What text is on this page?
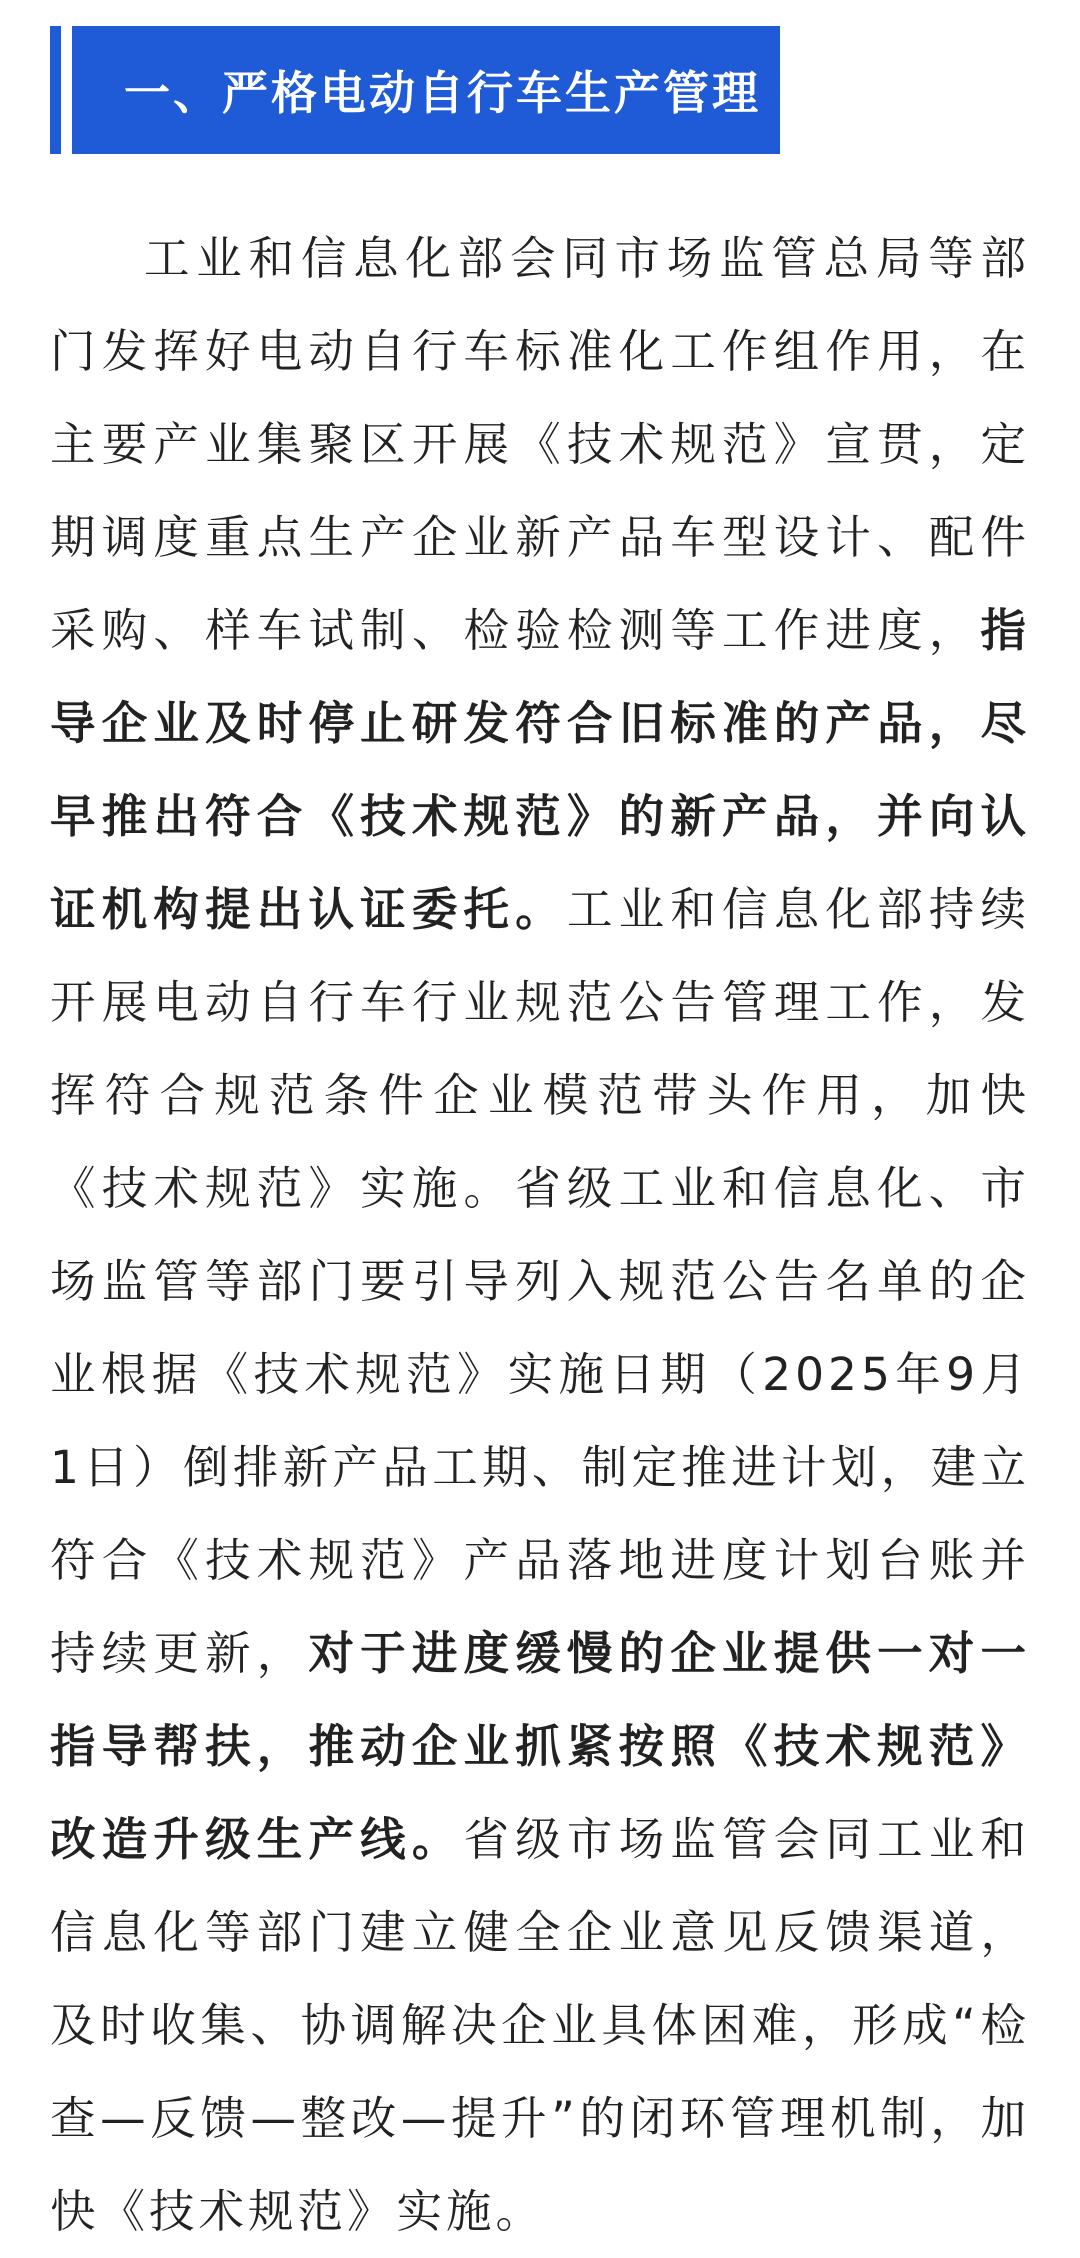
一、严格电动自行车生产管理

工业和信息化部会同市场监管总局等部门发挥好电动自行车标准化工作组作用，在主要产业集聚区开展《技术规范》宣贯，定期调度重点生产企业新产品车型设计、配件采购、样车试制、检验检测等工作进度，指导企业及时停止研发符合旧标准的产品，尽早推出符合《技术规范》的新产品，并向认证机构提出认证委托。工业和信息化部持续开展电动自行车行业规范公告管理工作，发挥符合规范条件企业模范带头作用，加快《技术规范》实施。省级工业和信息化、市场监管等部门要引导列入规范公告名单的企业根据《技术规范》实施日期（2025年9月1日）倒排新产品工期、制定推进计划，建立符合《技术规范》产品落地进度计划台账并持续更新，对于进度缓慢的企业提供一对一指导帮扶，推动企业抓紧按照《技术规范》改造升级生产线。省级市场监管会同工业和信息化等部门建立健全企业意见反馈渠道，及时收集、协调解决企业具体困难，形成“检查—反馈—整改—提升”的闭环管理机制，加快《技术规范》实施。
